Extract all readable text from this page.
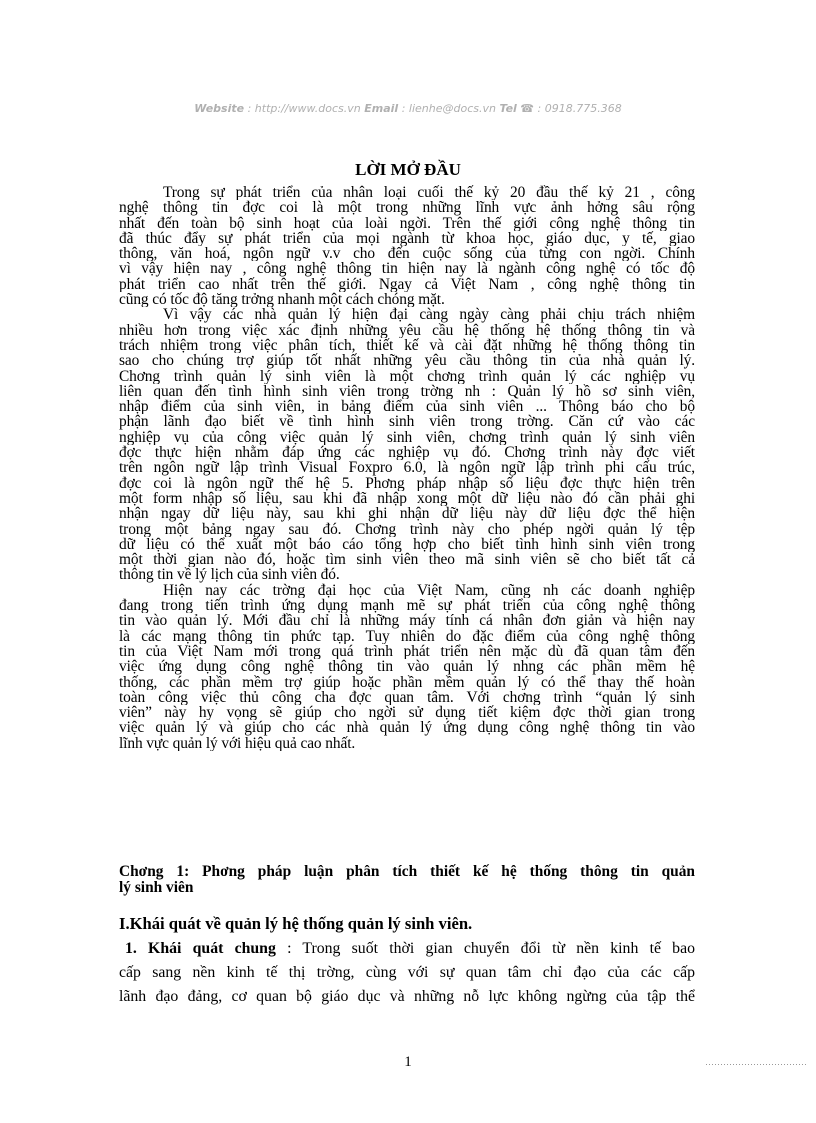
Website : http://www.docs.vn Email : lienhe@docs.vn Tel ☎ : 0918.775.368
LỜI MỞ ĐẦU
Trong sự phát triển của nhân loại cuối thế kỷ 20 đầu thế kỷ 21 , công
nghệ thông tin đợc coi là một trong những lĩnh vực ảnh hởng sâu rộng
nhất đến toàn bộ sinh hoạt của loài ngời. Trên thế giới công nghệ thông tin
đã thúc đẩy sự phát triển của mọi ngành từ khoa học, giáo dục, y tế, giao
thông, văn hoá, ngôn ngữ v.v cho đến cuộc sống của từng con ngời. Chính
vì vậy hiện nay , công nghệ thông tin hiện nay là ngành công nghệ có tốc độ
phát triển cao nhất trên thế giới. Ngay cả Việt Nam , công nghệ thông tin
cũng có tốc độ tăng trởng nhanh một cách chóng mặt.
Vì vậy các nhà quản lý hiện đại càng ngày càng phải chịu trách nhiệm
nhiều hơn trong việc xác định những yêu cầu hệ thống hệ thống thông tin và
trách nhiệm trong việc phân tích, thiết kế và cài đặt những hệ thống thông tin
sao cho chúng trợ giúp tốt nhất những yêu cầu thông tin của nhà quản lý.
Chơng trình quản lý sinh viên là một chơng trình quản lý các nghiệp vụ
liên quan đến tình hình sinh viên trong trờng nh : Quản lý hồ sơ sinh viên,
nhập điểm của sinh viên, in bảng điểm của sinh viên ... Thông báo cho bộ
phận lãnh đạo biết về tình hình sinh viên trong trờng. Căn cứ vào các
nghiệp vụ của công việc quản lý sinh viên, chơng trình quản lý sinh viên
đợc thực hiện nhằm đáp ứng các nghiệp vụ đó. Chơng trình này đợc viết
trên ngôn ngữ lập trình Visual Foxpro 6.0, là ngôn ngữ lập trình phi cấu trúc,
đợc coi là ngôn ngữ thế hệ 5. Phơng pháp nhập số liệu đợc thực hiện trên
một form nhập số liệu, sau khi đã nhập xong một dữ liệu nào đó cần phải ghi
nhận ngay dữ liệu này, sau khi ghi nhận dữ liệu này dữ liệu đợc thể hiện
trong một bảng ngay sau đó. Chơng trình này cho phép ngời quản lý tệp
dữ liệu có thể xuất một báo cáo tổng hợp cho biết tình hình sinh viên trong
một thời gian nào đó, hoặc tìm sinh viên theo mã sinh viên sẽ cho biết tất cả
thông tin về lý lịch của sinh viên đó.
Hiện nay các trờng đại học của Việt Nam, cũng nh các doanh nghiệp
đang trong tiến trình ứng dụng mạnh mẽ sự phát triển của công nghệ thông
tin vào quản lý. Mới đầu chỉ là những máy tính cá nhân đơn giản và hiện nay
là các mạng thông tin phức tạp. Tuy nhiên do đặc điểm của công nghệ thông
tin của Việt Nam mới trong quá trình phát triển nên mặc dù đã quan tâm đến
việc ứng dụng công nghệ thông tin vào quản lý nhng các phần mềm hệ
thống, các phần mềm trợ giúp hoặc phần mềm quản lý có thể thay thế hoàn
toàn công việc thủ công cha đợc quan tâm. Với chơng trình “quản lý sinh
viên” này hy vọng sẽ giúp cho ngời sử dụng tiết kiệm đợc thời gian trong
việc quản lý và giúp cho các nhà quản lý ứng dụng công nghệ thông tin vào
lĩnh vực quản lý với hiệu quả cao nhất.
Chơng 1: Phơng pháp luận phân tích thiết kế hệ thống thông tin quản
lý sinh viên
I.Khái quát về quản lý hệ thống quản lý sinh viên.
1. Khái quát chung : Trong suốt thời gian chuyển đổi từ nền kinh tế bao
cấp sang nền kinh tế thị trờng, cùng với sự quan tâm chỉ đạo của các cấp
lãnh đạo đảng, cơ quan bộ giáo dục và những nỗ lực không ngừng của tập thể
1
